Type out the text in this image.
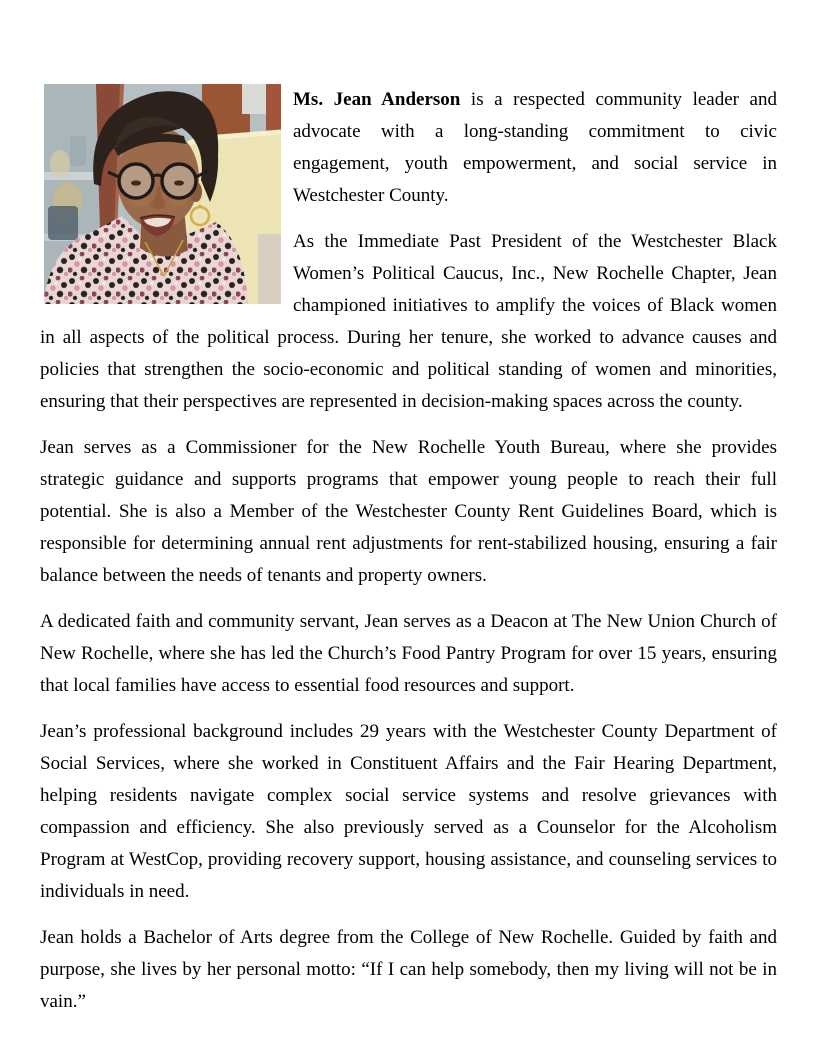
Ms. Jean Anderson is a respected community leader and advocate with a long-standing commitment to civic engagement, youth empowerment, and social service in Westchester County.

As the Immediate Past President of the Westchester Black Women’s Political Caucus, Inc., New Rochelle Chapter, Jean championed initiatives to amplify the voices of Black women in all aspects of the political process. During her tenure, she worked to advance causes and policies that strengthen the socio-economic and political standing of women and minorities, ensuring that their perspectives are represented in decision-making spaces across the county.

Jean serves as a Commissioner for the New Rochelle Youth Bureau, where she provides strategic guidance and supports programs that empower young people to reach their full potential. She is also a Member of the Westchester County Rent Guidelines Board, which is responsible for determining annual rent adjustments for rent-stabilized housing, ensuring a fair balance between the needs of tenants and property owners.

A dedicated faith and community servant, Jean serves as a Deacon at The New Union Church of New Rochelle, where she has led the Church’s Food Pantry Program for over 15 years, ensuring that local families have access to essential food resources and support.

Jean’s professional background includes 29 years with the Westchester County Department of Social Services, where she worked in Constituent Affairs and the Fair Hearing Department, helping residents navigate complex social service systems and resolve grievances with compassion and efficiency. She also previously served as a Counselor for the Alcoholism Program at WestCop, providing recovery support, housing assistance, and counseling services to individuals in need.

Jean holds a Bachelor of Arts degree from the College of New Rochelle. Guided by faith and purpose, she lives by her personal motto: “If I can help somebody, then my living will not be in vain.”
